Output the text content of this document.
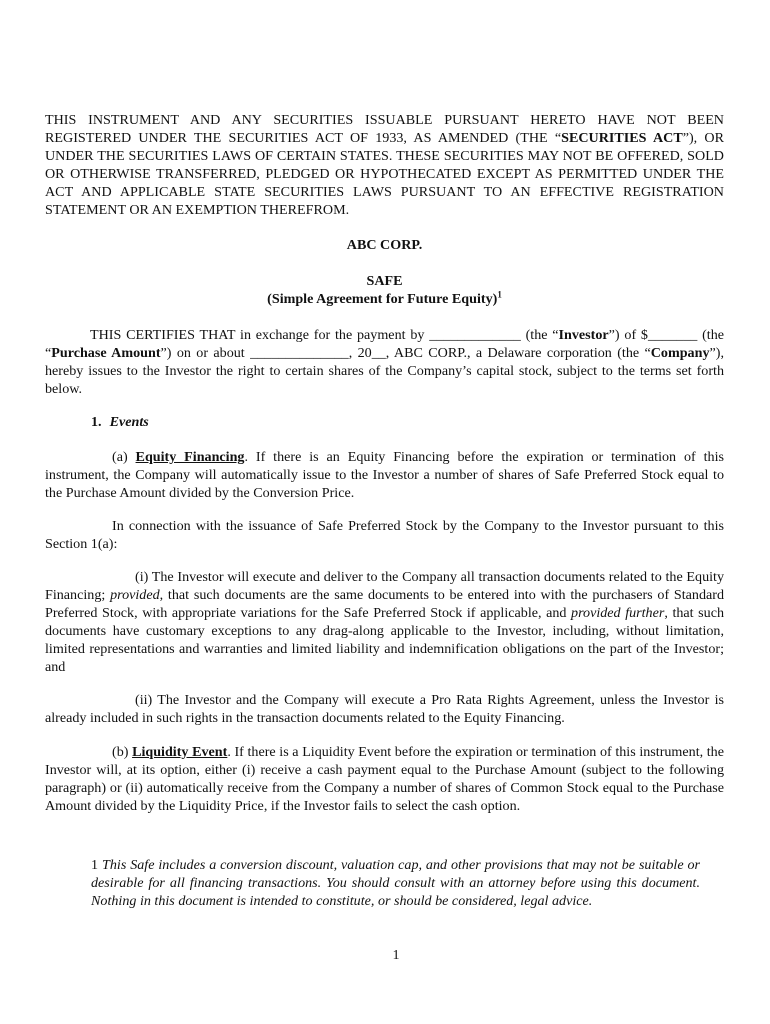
THIS INSTRUMENT AND ANY SECURITIES ISSUABLE PURSUANT HERETO HAVE NOT BEEN REGISTERED UNDER THE SECURITIES ACT OF 1933, AS AMENDED (THE “SECURITIES ACT”), OR UNDER THE SECURITIES LAWS OF CERTAIN STATES. THESE SECURITIES MAY NOT BE OFFERED, SOLD OR OTHERWISE TRANSFERRED, PLEDGED OR HYPOTHECATED EXCEPT AS PERMITTED UNDER THE ACT AND APPLICABLE STATE SECURITIES LAWS PURSUANT TO AN EFFECTIVE REGISTRATION STATEMENT OR AN EXEMPTION THEREFROM.
ABC CORP.
SAFE
(Simple Agreement for Future Equity)$^1$
THIS CERTIFIES THAT in exchange for the payment by _____________ (the “Investor”) of $_______ (the “Purchase Amount”) on or about ______________, 20__, ABC CORP., a Delaware corporation (the “Company”), hereby issues to the Investor the right to certain shares of the Company’s capital stock, subject to the terms set forth below.
1. Events
(a) Equity Financing. If there is an Equity Financing before the expiration or termination of this instrument, the Company will automatically issue to the Investor a number of shares of Safe Preferred Stock equal to the Purchase Amount divided by the Conversion Price.
In connection with the issuance of Safe Preferred Stock by the Company to the Investor pursuant to this Section 1(a):
(i) The Investor will execute and deliver to the Company all transaction documents related to the Equity Financing; provided, that such documents are the same documents to be entered into with the purchasers of Standard Preferred Stock, with appropriate variations for the Safe Preferred Stock if applicable, and provided further, that such documents have customary exceptions to any drag-along applicable to the Investor, including, without limitation, limited representations and warranties and limited liability and indemnification obligations on the part of the Investor; and
(ii) The Investor and the Company will execute a Pro Rata Rights Agreement, unless the Investor is already included in such rights in the transaction documents related to the Equity Financing.
(b) Liquidity Event. If there is a Liquidity Event before the expiration or termination of this instrument, the Investor will, at its option, either (i) receive a cash payment equal to the Purchase Amount (subject to the following paragraph) or (ii) automatically receive from the Company a number of shares of Common Stock equal to the Purchase Amount divided by the Liquidity Price, if the Investor fails to select the cash option.
1 This Safe includes a conversion discount, valuation cap, and other provisions that may not be suitable or desirable for all financing transactions. You should consult with an attorney before using this document. Nothing in this document is intended to constitute, or should be considered, legal advice.
1
